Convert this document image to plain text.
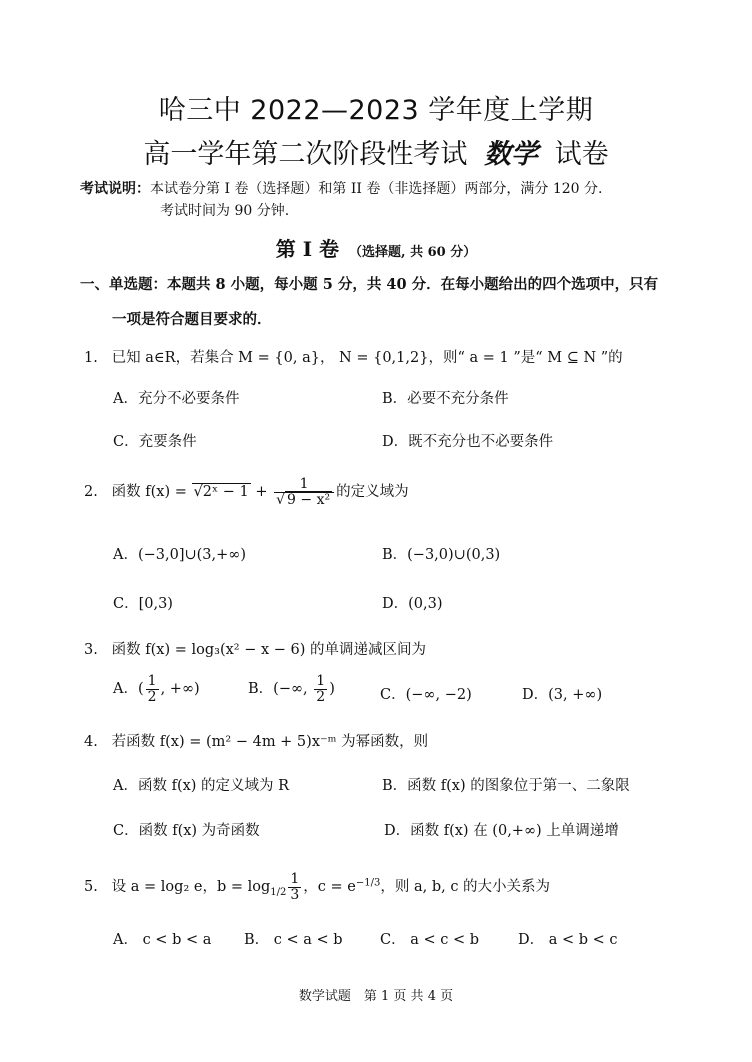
哈三中 2022—2023 学年度上学期
高一学年第二次阶段性考试 数学 试卷
考试说明：本试卷分第 I 卷（选择题）和第 II 卷（非选择题）两部分，满分 120 分.
考试时间为 90 分钟.
第 I 卷 （选择题, 共 60 分）
一、单选题：本题共 8 小题，每小题 5 分，共 40 分．在每小题给出的四个选项中，只有
一项是符合题目要求的．
1. 已知 a∈R，若集合 M = {0, a}， N = {0,1,2}，则“ a = 1 ”是“ M ⊆ N ”的
A．充分不必要条件	B．必要不充分条件
C．充要条件	D．既不充分也不必要条件
2. 函数 f(x) = √2ˣ − $1 + \frac{1}{\text{√ 9 − x²}}$ 的定义域为
A．(−3,0]∪(3,+∞)	B．(−3,0)∪(0,3)
C．[0,3)	D．(0,3)
3. 函数 f(x) = log₃(x² − x − 6) 的单调递减区间为
A．( $\frac{1}{2}$ , +∞)	B．(−∞, $\frac{1}{2}$ )	C．(−∞, −2)	D．(3, +∞)
4. 若函数 f(x) = (m² − 4m + 5)x⁻ᵐ 为幂函数，则
A．函数 f(x) 的定义域为 R	B．函数 f(x) 的图象位于第一、二象限
C．函数 f(x) 为奇函数	D．函数 f(x) 在 (0,+∞) 上单调递增
5. 设 a = log₂ e，$b = \log_{1/2} \frac{1}{3}$ ，$c = e^{-1/3}$，则 a, b, c 的大小关系为
A． c < b < a B． c < a < b	C． a < c < b	D． a < b < c
数学试题　第 1 页 共 4 页
